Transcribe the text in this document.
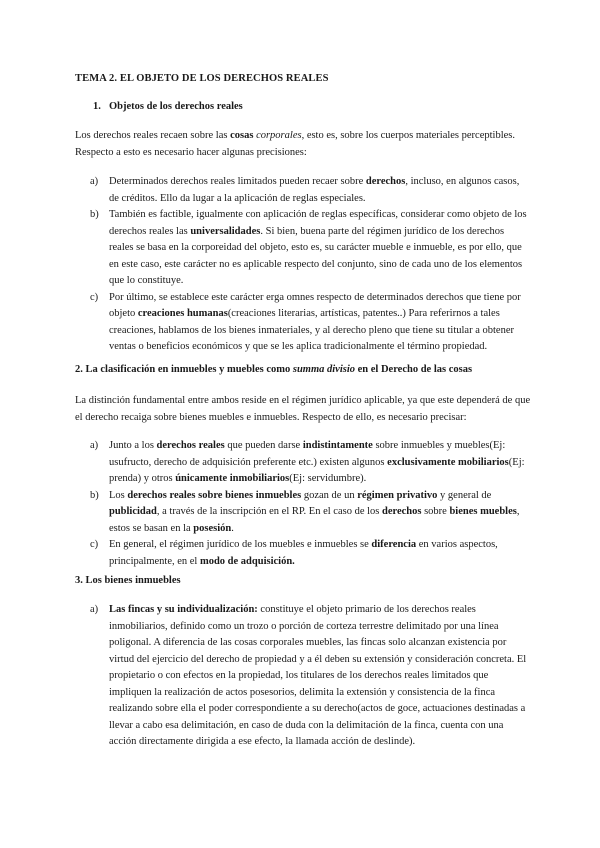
TEMA 2. EL OBJETO DE LOS DERECHOS REALES
1. Objetos de los derechos reales

Los derechos reales recaen sobre las cosas corporales, esto es, sobre los cuerpos materiales perceptibles. Respecto a esto es necesario hacer algunas precisiones:

a) Determinados derechos reales limitados pueden recaer sobre derechos, incluso, en algunos casos, de créditos. Ello da lugar a la aplicación de reglas especiales.
b) También es factible, igualmente con aplicación de reglas específicas, considerar como objeto de los derechos reales las universalidades. Si bien, buena parte del régimen jurídico de los derechos reales se basa en la corporeidad del objeto, esto es, su carácter mueble e inmueble, es por ello, que en este caso, este carácter no es aplicable respecto del conjunto, sino de cada uno de los elementos que lo constituye.
c) Por último, se establece este carácter erga omnes respecto de determinados derechos que tiene por objeto creaciones humanas(creaciones literarias, artísticas, patentes..) Para referirnos a tales creaciones, hablamos de los bienes inmateriales, y al derecho pleno que tiene su titular a obtener ventas o beneficios económicos y que se les aplica tradicionalmente el término propiedad.
2. La clasificación en inmuebles y muebles como summa divisio en el Derecho de las cosas

La distinción fundamental entre ambos reside en el régimen jurídico aplicable, ya que este dependerá de que el derecho recaiga sobre bienes muebles e inmuebles. Respecto de ello, es necesario precisar:

a) Junto a los derechos reales que pueden darse indistintamente sobre inmuebles y muebles(Ej: usufructo, derecho de adquisición preferente etc.) existen algunos exclusivamente mobiliarios(Ej: prenda) y otros únicamente inmobiliarios(Ej: servidumbre).
b) Los derechos reales sobre bienes inmuebles gozan de un régimen privativo y general de publicidad, a través de la inscripción en el RP. En el caso de los derechos sobre bienes muebles, estos se basan en la posesión.
c) En general, el régimen jurídico de los muebles e inmuebles se diferencia en varios aspectos, principalmente, en el modo de adquisición.
3. Los bienes inmuebles
a) Las fincas y su individualización: constituye el objeto primario de los derechos reales inmobiliarios, definido como un trozo o porción de corteza terrestre delimitado por una línea poligonal. A diferencia de las cosas corporales muebles, las fincas solo alcanzan existencia por virtud del ejercicio del derecho de propiedad y a él deben su extensión y consideración concreta. El propietario o con efectos en la propiedad, los titulares de los derechos reales limitados que impliquen la realización de actos posesorios, delimita la extensión y consistencia de la finca realizando sobre ella el poder correspondiente a su derecho(actos de goce, actuaciones destinadas a llevar a cabo esa delimitación, en caso de duda con la delimitación de la finca, cuenta con una acción directamente dirigida a ese efecto, la llamada acción de deslinde).
